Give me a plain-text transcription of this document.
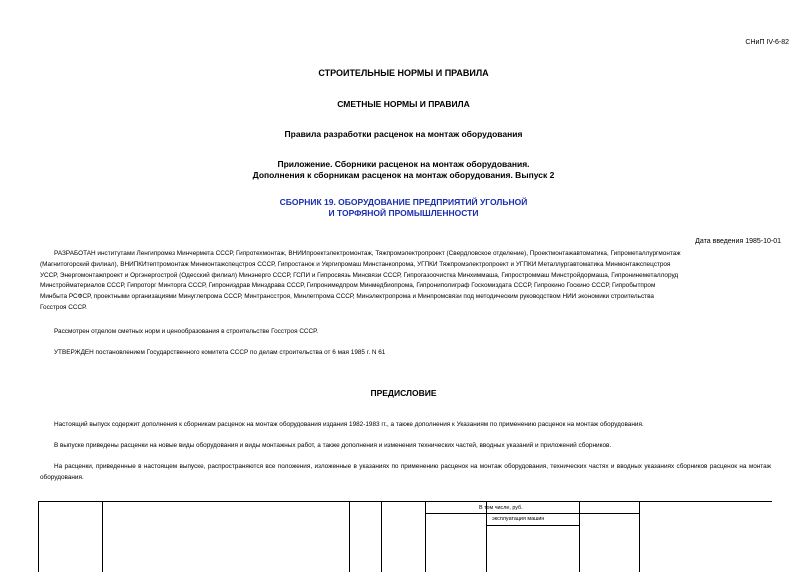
СНиП IV-6-82
СТРОИТЕЛЬНЫЕ НОРМЫ И ПРАВИЛА
СМЕТНЫЕ НОРМЫ И ПРАВИЛА
Правила разработки расценок на монтаж оборудования
Приложение. Сборники расценок на монтаж оборудования.
Дополнения к сборникам расценок на монтаж оборудования. Выпуск 2
СБОРНИК 19. ОБОРУДОВАНИЕ ПРЕДПРИЯТИЙ УГОЛЬНОЙ
И ТОРФЯНОЙ ПРОМЫШЛЕННОСТИ
Дата введения 1985-10-01
РАЗРАБОТАН институтами Ленгипромез Минчермета СССР, Гипротехмонтаж, ВНИИпроектэлектромонтаж, Тяжпромэлектропроект (Свердловское отделение), Проектмонтажавтоматика, Гипрометаллургмонтаж
(Магнитогорский филиал), ВНИПКИтептромонтаж Минмонтажспецстроя СССР, Гипростанок и Укргипромаш Минстанкопрома, УГПКИ Тяжпромэлектропроект и УГПКИ Металлургавтоматика Минмонтажспецстроя
УССР, Энергомонтажпроект и Оргэнергострой (Одесский филиал) Минэнерго СССР, ГСПИ и Гипросвязь Минсвязи СССР, Гипрогазоочистка Минхиммаша, Гипростроммаш Минстройдормаша, Гипронинеметаллоруд
Минстройматериалов СССР, Гипроторг Минторга СССР, Гипрониздрав Минздрава СССР, Гипронимедпром Минмедбиопрома, Гипрониполиграф Госкомиздата СССР, Гипрокино Госкино СССР, Гипробытпром
Минбыта РСФСР, проектными организациями Минуглепрома СССР, Минтрансстроя, Минлегпрома СССР, Минэлектропрома и Минпромсвязи под методическим руководством НИИ экономики строительства
Госстроя СССР.
Рассмотрен отделом сметных норм и ценообразования в строительстве Госстроя СССР.
УТВЕРЖДЕН постановлением Государственного комитета СССР по делам строительства от 6 мая 1985 г. N 61
ПРЕДИСЛОВИЕ
Настоящий выпуск содержит дополнения к сборникам расценок на монтаж оборудования издания 1982-1983 гг., а также дополнения к Указаниям по применению расценок на монтаж оборудования.
В выпуске приведены расценки на новые виды оборудования и виды монтажных работ, а также дополнения и изменения технических частей, вводных указаний и приложений сборников.
На расценки, приведенные в настоящем выпуске, распространяются все положения, изложенные в указаниях по применению расценок на монтаж оборудования, технических частях и вводных указаниях сборников расценок на монтаж оборудования.
В том числе, руб.
эксплуатация машин
